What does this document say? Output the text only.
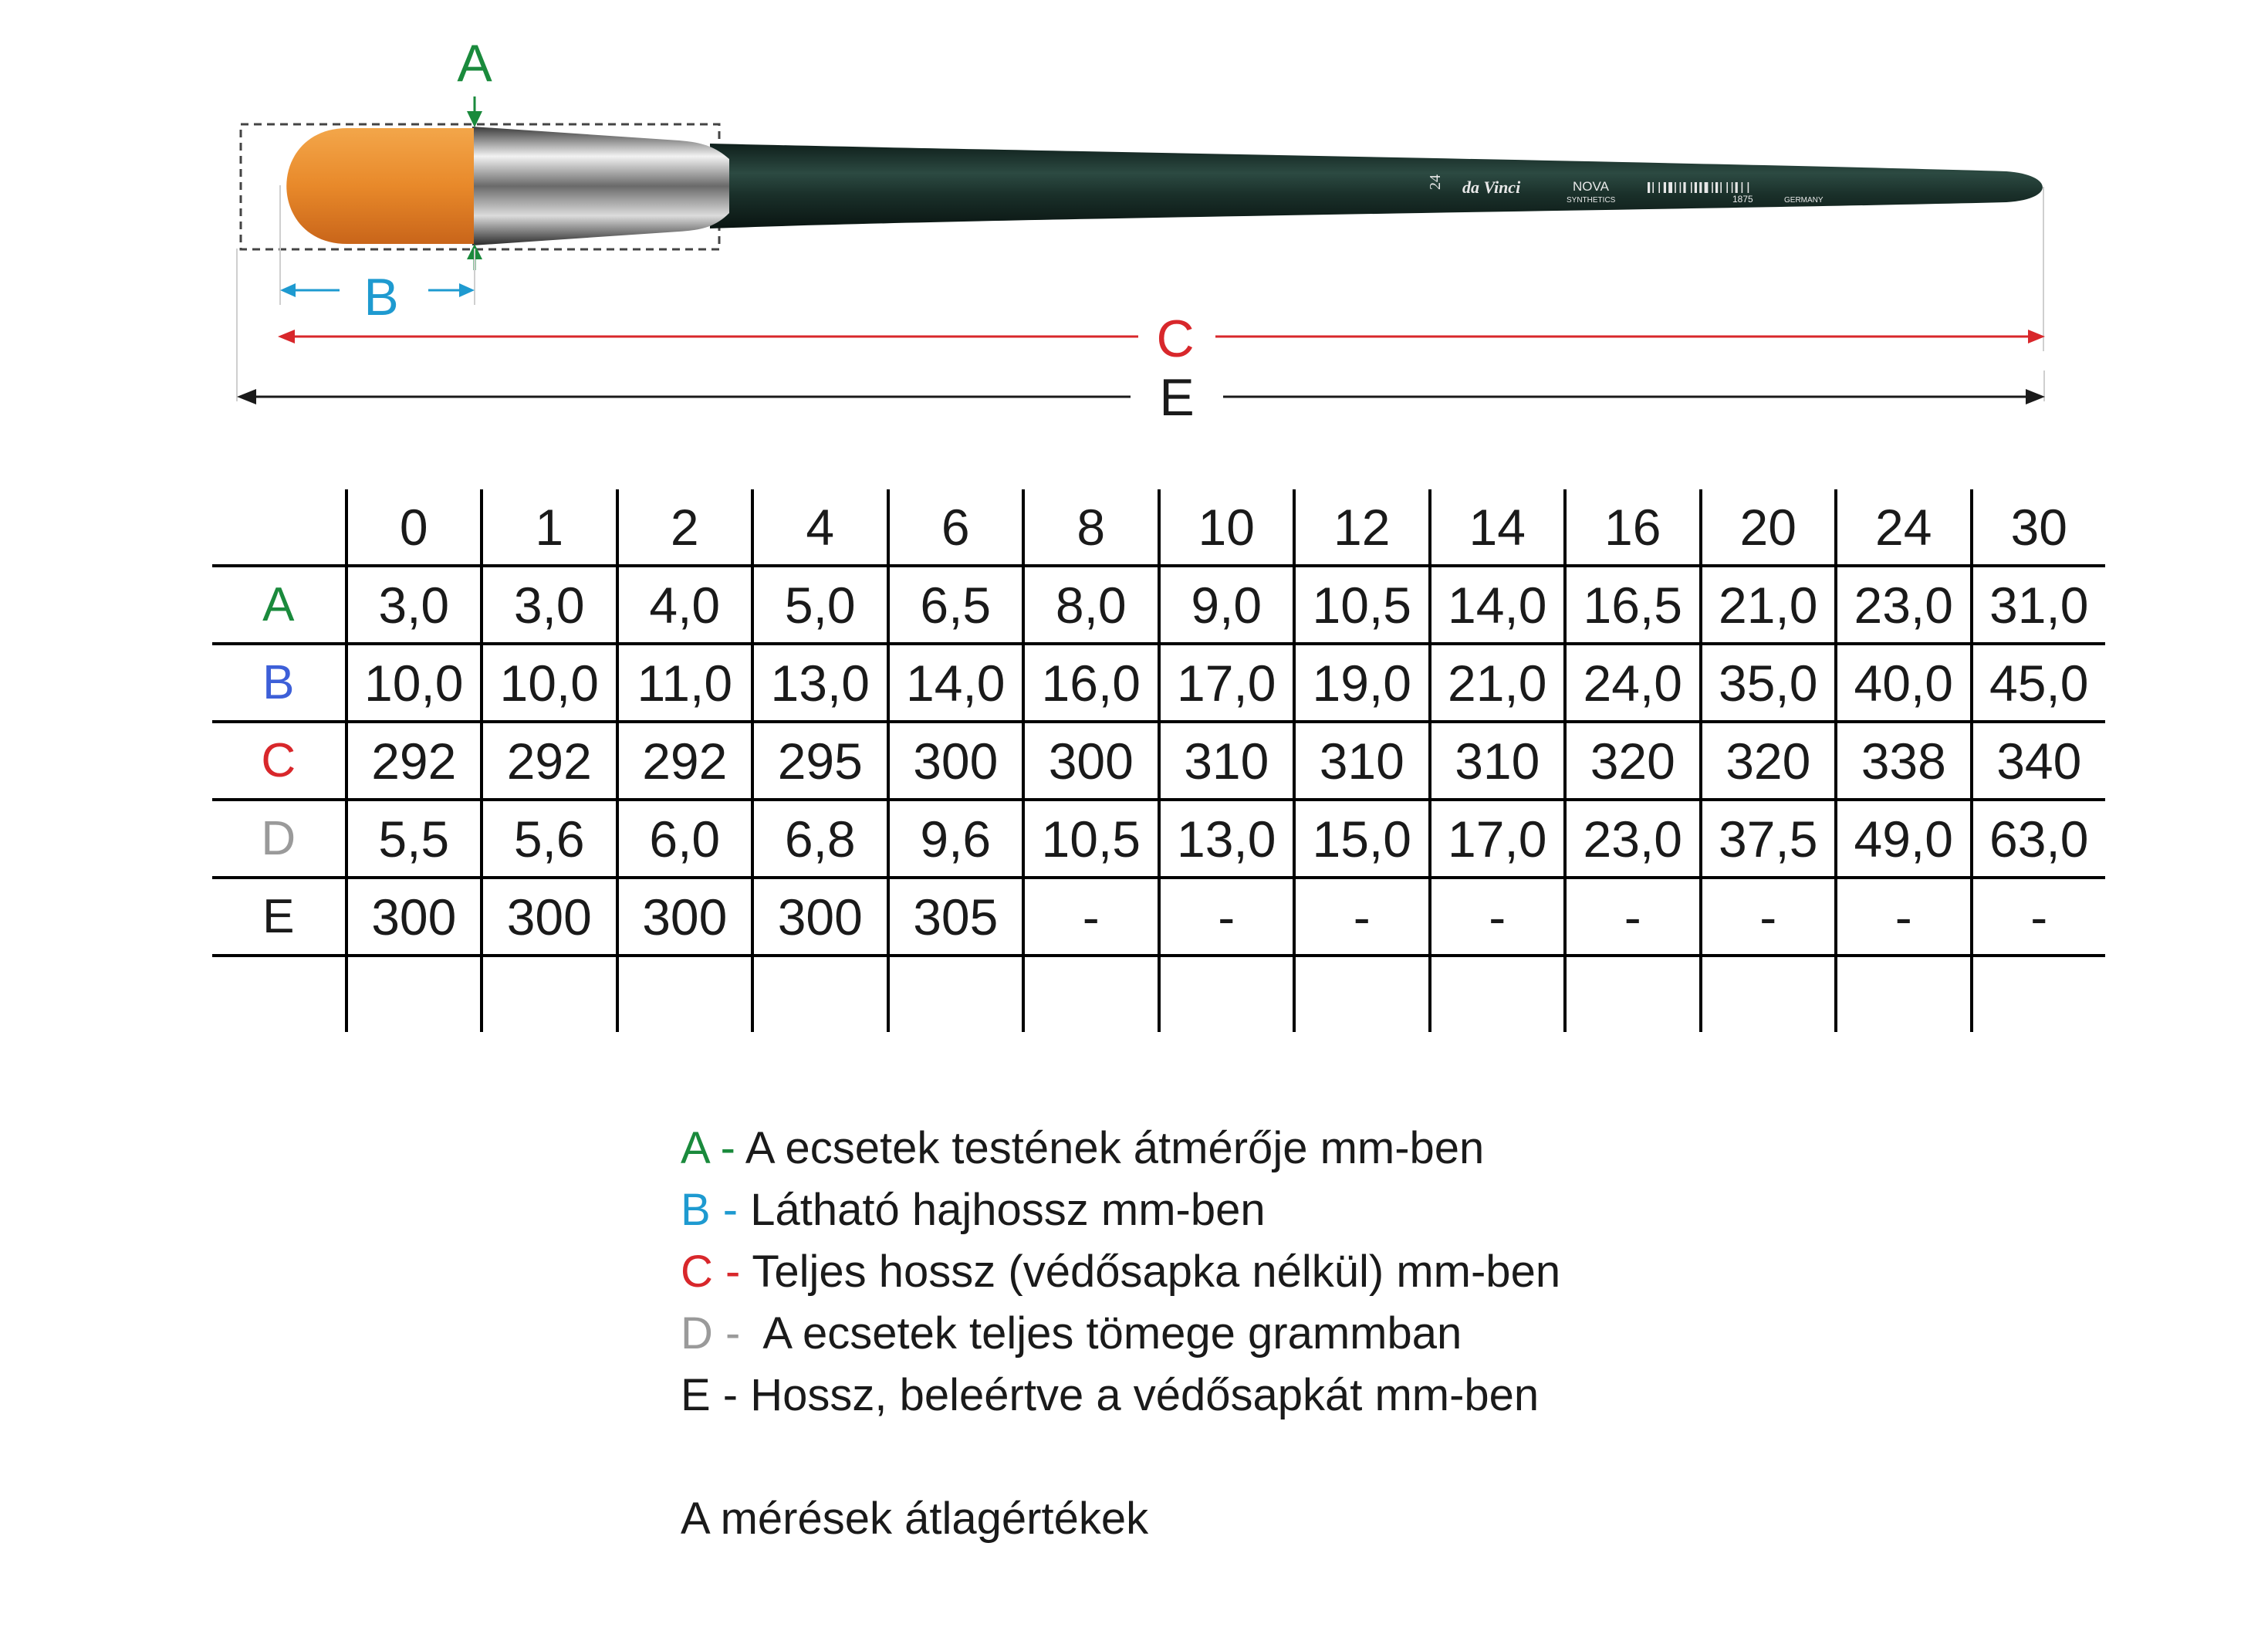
24 da Vinci	NOVA
SYNTHETICS	1875	GERMANY
A
B
C
E
	0	1	2	4	6	8	10	12	14	16	20	24	30
A	3,0	3,0	4,0	5,0	6,5	8,0	9,0	10,5	14,0	16,5	21,0	23,0	31,0
B	10,0	10,0	11,0	13,0	14,0	16,0	17,0	19,0	21,0	24,0	35,0	40,0	45,0
C	292	292	292	295	300	300	310	310	310	320	320	338	340
D	5,5	5,6	6,0	6,8	9,6	10,5	13,0	15,0	17,0	23,0	37,5	49,0	63,0
E	300	300	300	300	305	-	-	-	-	-	-	-	-

A - A ecsetek testének átmérője mm-ben
B - Látható hajhossz mm-ben
C - Teljes hossz (védősapka nélkül) mm-ben
D -  A ecsetek teljes tömege grammban
E - Hossz, beleértve a védősapkát mm-ben
A mérések átlagértékek
